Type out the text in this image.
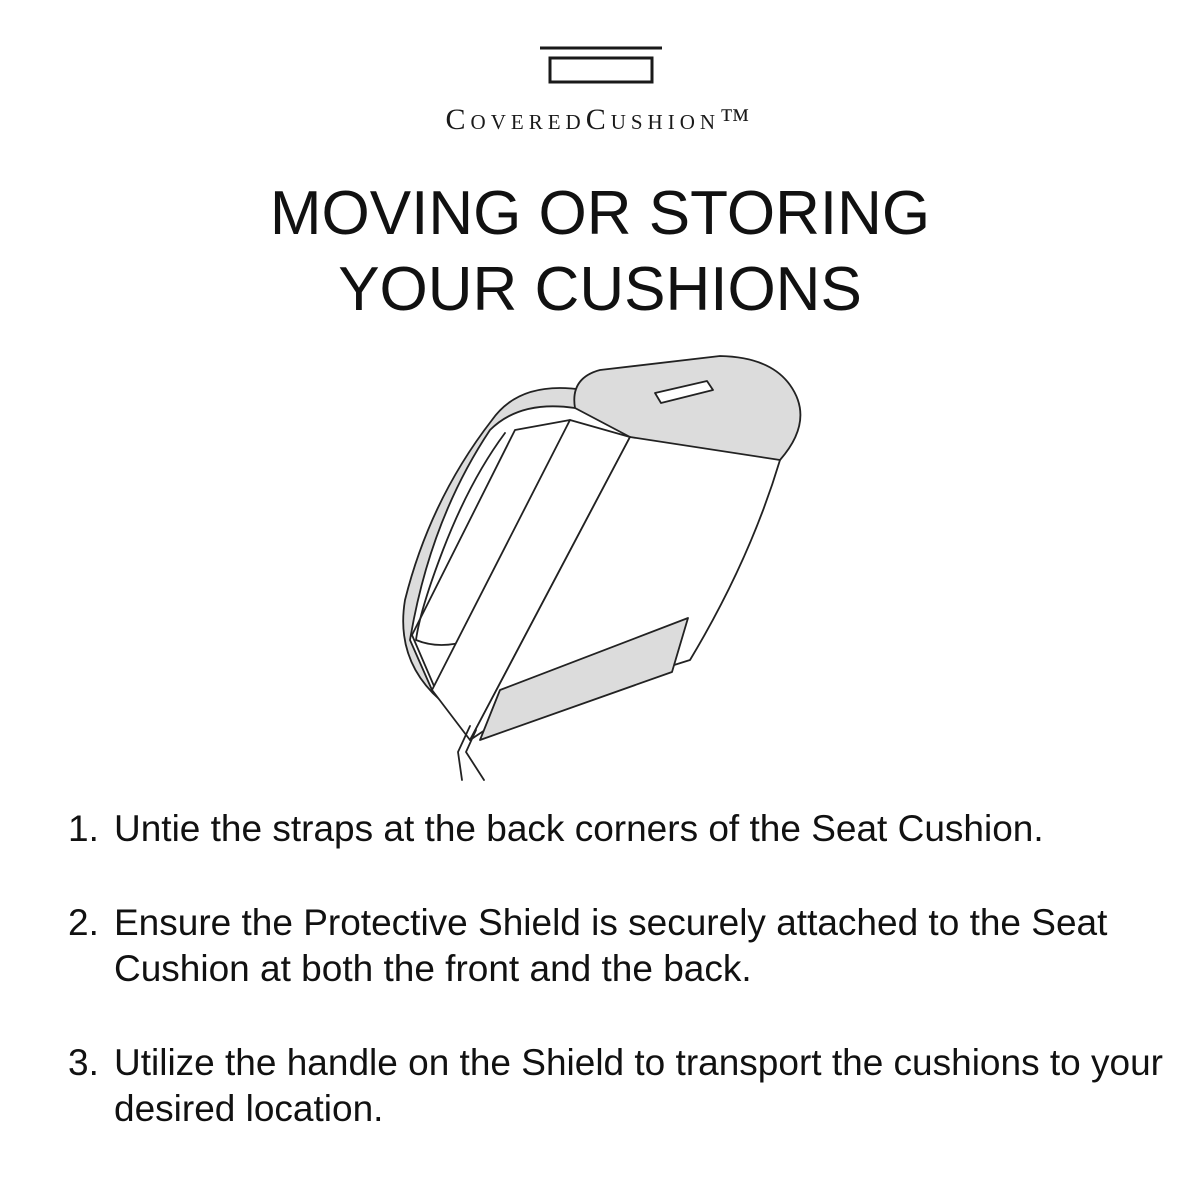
CoveredCushion™
MOVING OR STORING
YOUR CUSHIONS
1. Untie the straps at the back corners of the Seat Cushion.
2. Ensure the Protective Shield is securely attached to the Seat Cushion at both the front and the back.
3. Utilize the handle on the Shield to transport the cushions to your desired location.
